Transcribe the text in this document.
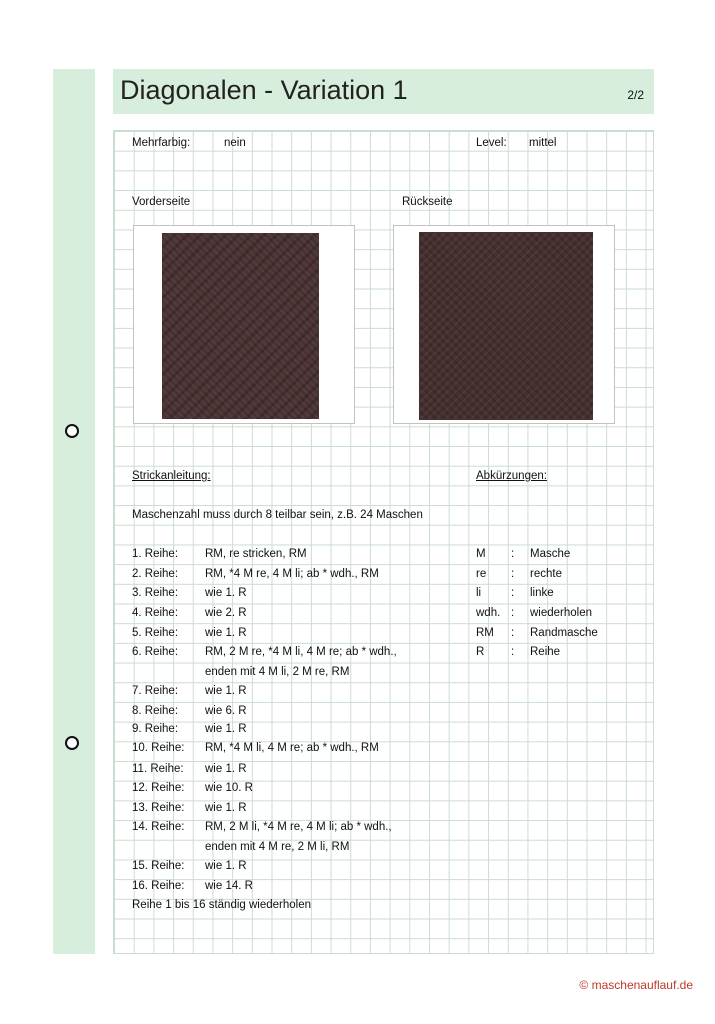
Diagonalen - Variation 1	2/2
Mehrfarbig:	nein	Level: mittel
Vorderseite	Rückseite
Strickanleitung:	Abkürzungen:
Maschenzahl muss durch 8 teilbar sein, z.B. 24 Maschen
1. Reihe: RM, re stricken, RM
2. Reihe: RM, *4 M re, 4 M li; ab * wdh., RM
3. Reihe: wie 1. R
4. Reihe: wie 2. R
5. Reihe: wie 1. R
6. Reihe: RM, 2 M re, *4 M li, 4 M re; ab * wdh.,
enden mit 4 M li, 2 M re, RM
7. Reihe: wie 1. R
8. Reihe: wie 6. R
9. Reihe: wie 1. R
10. Reihe: RM, *4 M li, 4 M re; ab * wdh., RM
11. Reihe: wie 1. R
12. Reihe: wie 10. R
13. Reihe: wie 1. R
14. Reihe: RM, 2 M li, *4 M re, 4 M li; ab * wdh.,
enden mit 4 M re, 2 M li, RM
15. Reihe: wie 1. R
16. Reihe: wie 14. R
Reihe 1 bis 16 ständig wiederholen
M : Masche
re : rechte
li	: linke
wdh. : wiederholen
RM : Randmasche
R : Reihe
© maschenauflauf.de
